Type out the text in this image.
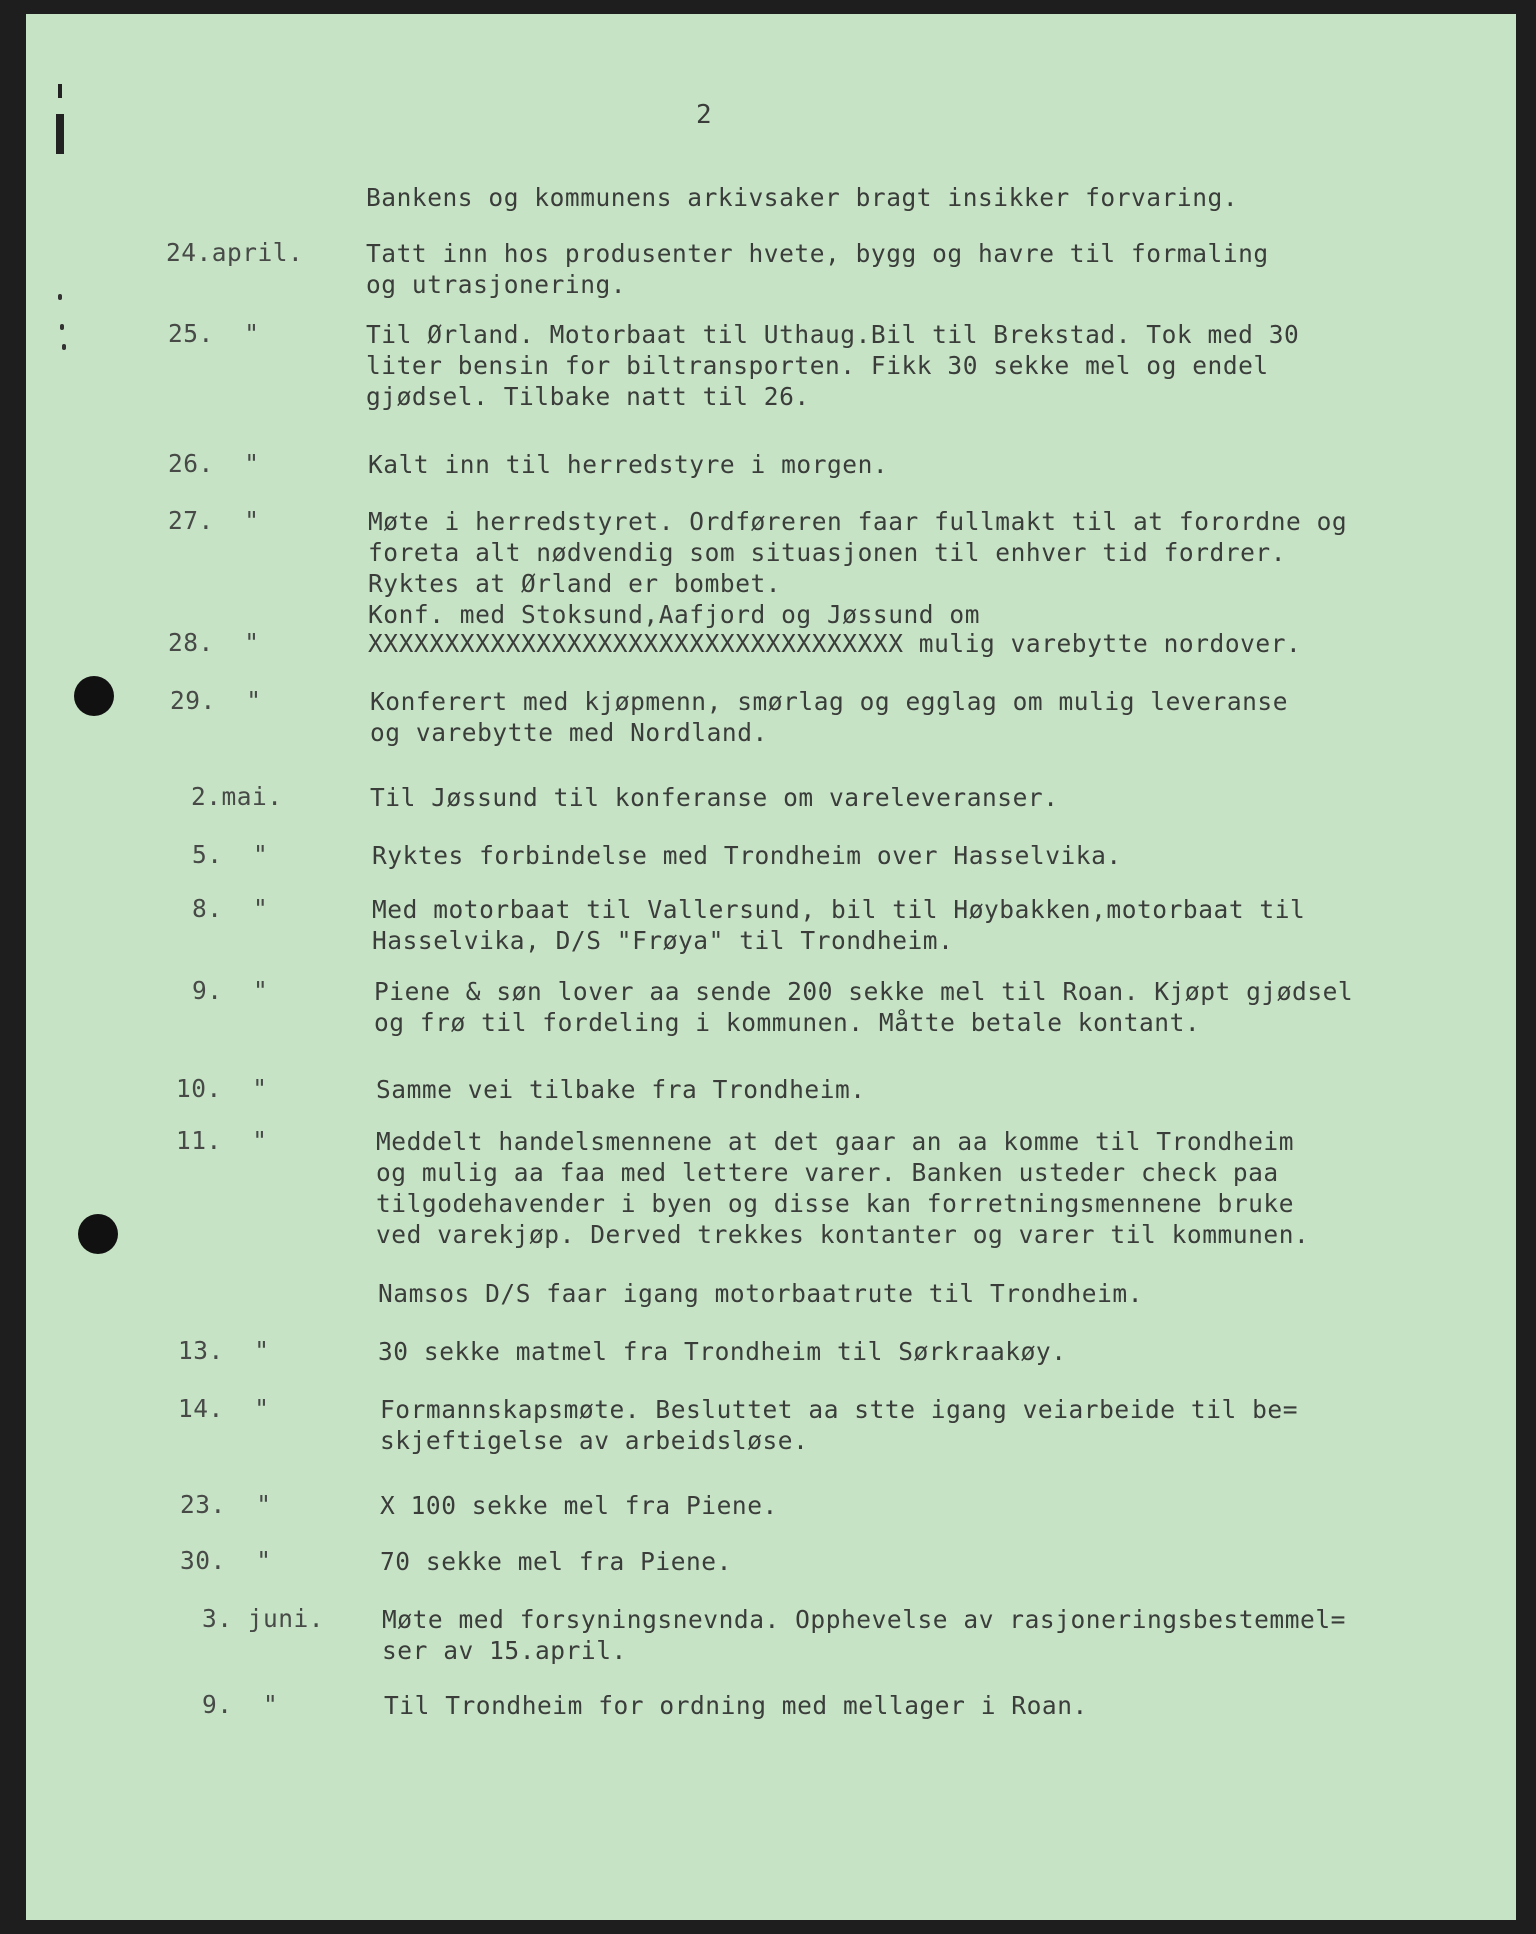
2
Bankens og kommunens arkivsaker bragt insikker forvaring.
24.april.	Tatt inn hos produsenter hvete, bygg og havre til formaling
og utrasjonering.
25.  "	Til Ørland. Motorbaat til Uthaug.Bil til Brekstad. Tok med 30
liter bensin for biltransporten. Fikk 30 sekke mel og endel
gjødsel. Tilbake natt til 26.
26.  "	Kalt inn til herredstyre i morgen.
27.  "	Møte i herredstyret. Ordføreren faar fullmakt til at forordne og
foreta alt nødvendig som situasjonen til enhver tid fordrer.
Ryktes at Ørland er bombet.
Konf. med Stoksund,Aafjord og Jøssund om
28.  "	XXXXXXXXXXXXXXXXXXXXXXXXXXXXXXXXXXX mulig varebytte nordover.
29.  "	Konferert med kjøpmenn, smørlag og egglag om mulig leveranse
og varebytte med Nordland.
2.mai.	Til Jøssund til konferanse om vareleveranser.
5.  "	Ryktes forbindelse med Trondheim over Hasselvika.
8.  "	Med motorbaat til Vallersund, bil til Høybakken,motorbaat til
Hasselvika, D/S "Frøya" til Trondheim.
9.  "	Piene & søn lover aa sende 200 sekke mel til Roan. Kjøpt gjødsel
og frø til fordeling i kommunen. Måtte betale kontant.
10.  "	Samme vei tilbake fra Trondheim.
11.  "	Meddelt handelsmennene at det gaar an aa komme til Trondheim
og mulig aa faa med lettere varer. Banken usteder check paa
tilgodehavender i byen og disse kan forretningsmennene bruke
ved varekjøp. Derved trekkes kontanter og varer til kommunen.
Namsos D/S faar igang motorbaatrute til Trondheim.
13.  "	30 sekke matmel fra Trondheim til Sørkraakøy.
14.  "	Formannskapsmøte. Besluttet aa stte igang veiarbeide til be=
skjeftigelse av arbeidsløse.
23.  "	X 100 sekke mel fra Piene.
30.  "	70 sekke mel fra Piene.
3. juni. Møte med forsyningsnevnda. Opphevelse av rasjoneringsbestemmel=
ser av 15.april.
9.  "	Til Trondheim for ordning med mellager i Roan.
